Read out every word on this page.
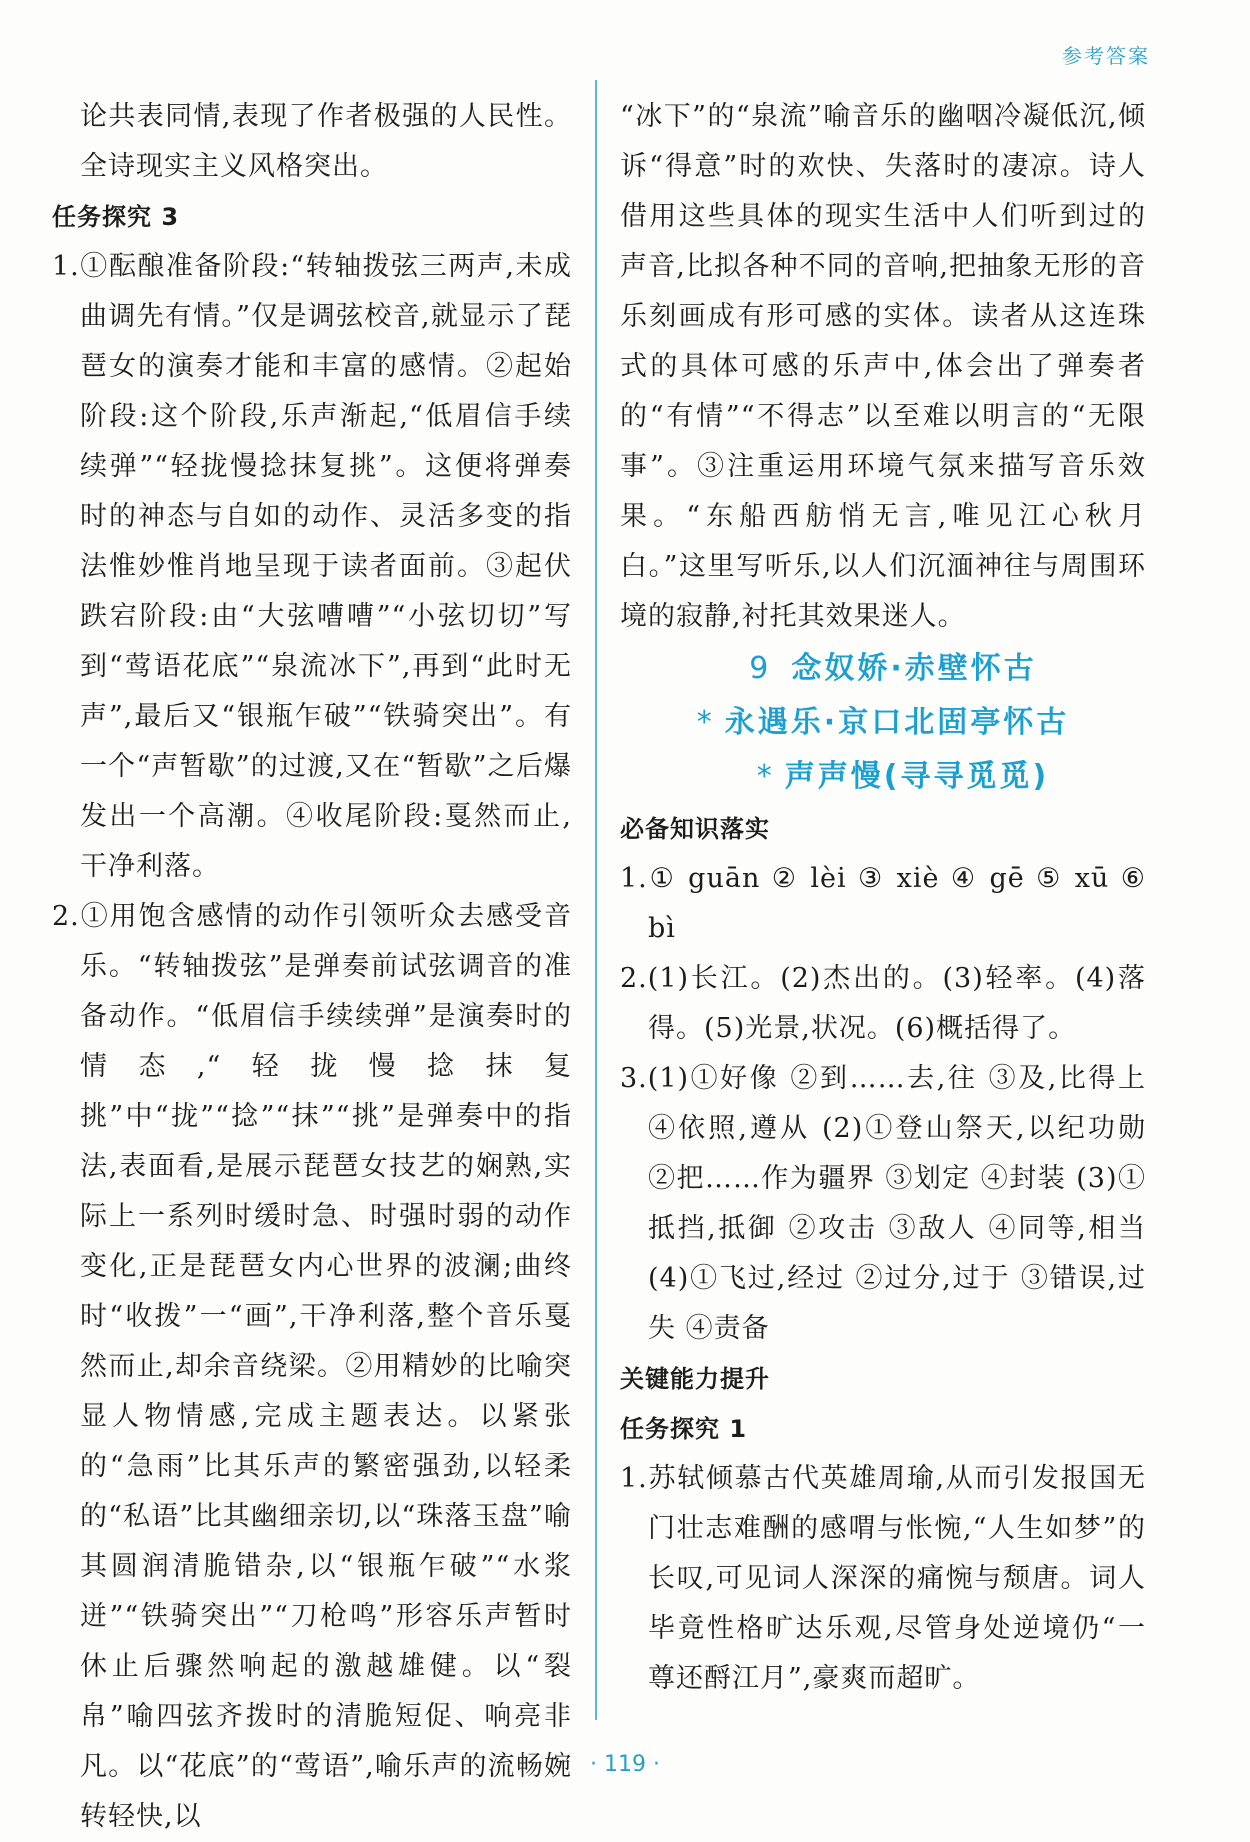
参考答案
论共表同情,表现了作者极强的人民性。全诗现实主义风格突出。
任务探究 3
1.①酝酿准备阶段:“转轴拨弦三两声,未成曲调先有情。”仅是调弦校音,就显示了琵琶女的演奏才能和丰富的感情。②起始阶段:这个阶段,乐声渐起,“低眉信手续续弹”“轻拢慢捻抹复挑”。这便将弹奏时的神态与自如的动作、灵活多变的指法惟妙惟肖地呈现于读者面前。③起伏跌宕阶段:由“大弦嘈嘈”“小弦切切”写到“莺语花底”“泉流冰下”,再到“此时无声”,最后又“银瓶乍破”“铁骑突出”。有一个“声暂歇”的过渡,又在“暂歇”之后爆发出一个高潮。④收尾阶段:戛然而止,干净利落。
2.①用饱含感情的动作引领听众去感受音乐。“转轴拨弦”是弹奏前试弦调音的准备动作。“低眉信手续续弹”是演奏时的情态,“轻拢慢捻抹复挑”中“拢”“捻”“抹”“挑”是弹奏中的指法,表面看,是展示琵琶女技艺的娴熟,实际上一系列时缓时急、时强时弱的动作变化,正是琵琶女内心世界的波澜;曲终时“收拨”一“画”,干净利落,整个音乐戛然而止,却余音绕梁。②用精妙的比喻突显人物情感,完成主题表达。以紧张的“急雨”比其乐声的繁密强劲,以轻柔的“私语”比其幽细亲切,以“珠落玉盘”喻其圆润清脆错杂,以“银瓶乍破”“水浆迸”“铁骑突出”“刀枪鸣”形容乐声暂时休止后骤然响起的激越雄健。以“裂帛”喻四弦齐拨时的清脆短促、响亮非凡。以“花底”的“莺语”,喻乐声的流畅婉转轻快,以
“冰下”的“泉流”喻音乐的幽咽冷凝低沉,倾诉“得意”时的欢快、失落时的凄凉。诗人借用这些具体的现实生活中人们听到过的声音,比拟各种不同的音响,把抽象无形的音乐刻画成有形可感的实体。读者从这连珠式的具体可感的乐声中,体会出了弹奏者的“有情”“不得志”以至难以明言的“无限事”。③注重运用环境气氛来描写音乐效果。“东船西舫悄无言,唯见江心秋月白。”这里写听乐,以人们沉湎神往与周围环境的寂静,衬托其效果迷人。
9 念奴娇·赤壁怀古
* 永遇乐·京口北固亭怀古
* 声声慢(寻寻觅觅)
必备知识落实
1.① guān ② lèi ③ xiè ④ gē ⑤ xū ⑥ bì
2.(1)长江。(2)杰出的。(3)轻率。(4)落得。(5)光景,状况。(6)概括得了。
3.(1)①好像 ②到……去,往 ③及,比得上 ④依照,遵从 (2)①登山祭天,以纪功勋 ②把……作为疆界 ③划定 ④封装 (3)①抵挡,抵御 ②攻击 ③敌人 ④同等,相当 (4)①飞过,经过 ②过分,过于 ③错误,过失 ④责备
关键能力提升
任务探究 1
1.苏轼倾慕古代英雄周瑜,从而引发报国无门壮志难酬的感喟与怅惋,“人生如梦”的长叹,可见词人深深的痛惋与颓唐。词人毕竟性格旷达乐观,尽管身处逆境仍“一尊还酹江月”,豪爽而超旷。
· 119 ·
